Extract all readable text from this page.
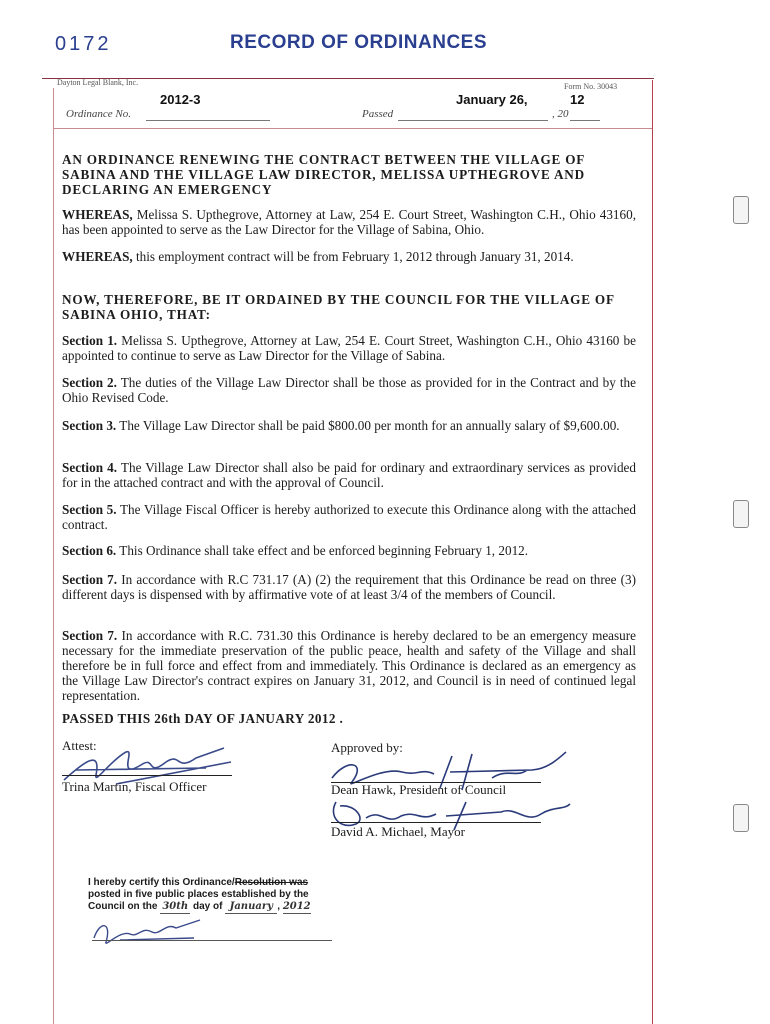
0172	RECORD OF ORDINANCES
Dayton Legal Blank, Inc.	Form No. 30043
2012-3
Ordinance No.
January 26,	12
Passed	, 20
AN ORDINANCE RENEWING THE CONTRACT BETWEEN THE VILLAGE OF SABINA AND THE VILLAGE LAW DIRECTOR, MELISSA UPTHEGROVE AND DECLARING AN EMERGENCY
WHEREAS, Melissa S. Upthegrove, Attorney at Law, 254 E. Court Street, Washington C.H., Ohio 43160, has been appointed to serve as the Law Director for the Village of Sabina, Ohio.
WHEREAS, this employment contract will be from February 1, 2012 through January 31, 2014.
NOW, THEREFORE, BE IT ORDAINED BY THE COUNCIL FOR THE VILLAGE OF SABINA OHIO, THAT:
Section 1. Melissa S. Upthegrove, Attorney at Law, 254 E. Court Street, Washington C.H., Ohio 43160 be appointed to continue to serve as Law Director for the Village of Sabina.
Section 2. The duties of the Village Law Director shall be those as provided for in the Contract and by the Ohio Revised Code.
Section 3. The Village Law Director shall be paid $800.00 per month for an annually salary of $9,600.00.
Section 4. The Village Law Director shall also be paid for ordinary and extraordinary services as provided for in the attached contract and with the approval of Council.
Section 5. The Village Fiscal Officer is hereby authorized to execute this Ordinance along with the attached contract.
Section 6. This Ordinance shall take effect and be enforced beginning February 1, 2012.
Section 7. In accordance with R.C 731.17 (A) (2) the requirement that this Ordinance be read on three (3) different days is dispensed with by affirmative vote of at least 3/4 of the members of Council.
Section 7. In accordance with R.C. 731.30 this Ordinance is hereby declared to be an emergency measure necessary for the immediate preservation of the public peace, health and safety of the Village and shall therefore be in full force and effect from and immediately. This Ordinance is declared as an emergency as the Village Law Director's contract expires on January 31, 2012, and Council is in need of continued legal representation.
PASSED THIS 26th DAY OF JANUARY 2012 .
Attest:
Trina Martin, Fiscal Officer
Approved by:
Dean Hawk, President of Council
David A. Michael, Mayor
I hereby certify this Ordinance/Resolution was
posted in five public places established by the
Council on the 30th day of January , 2012
